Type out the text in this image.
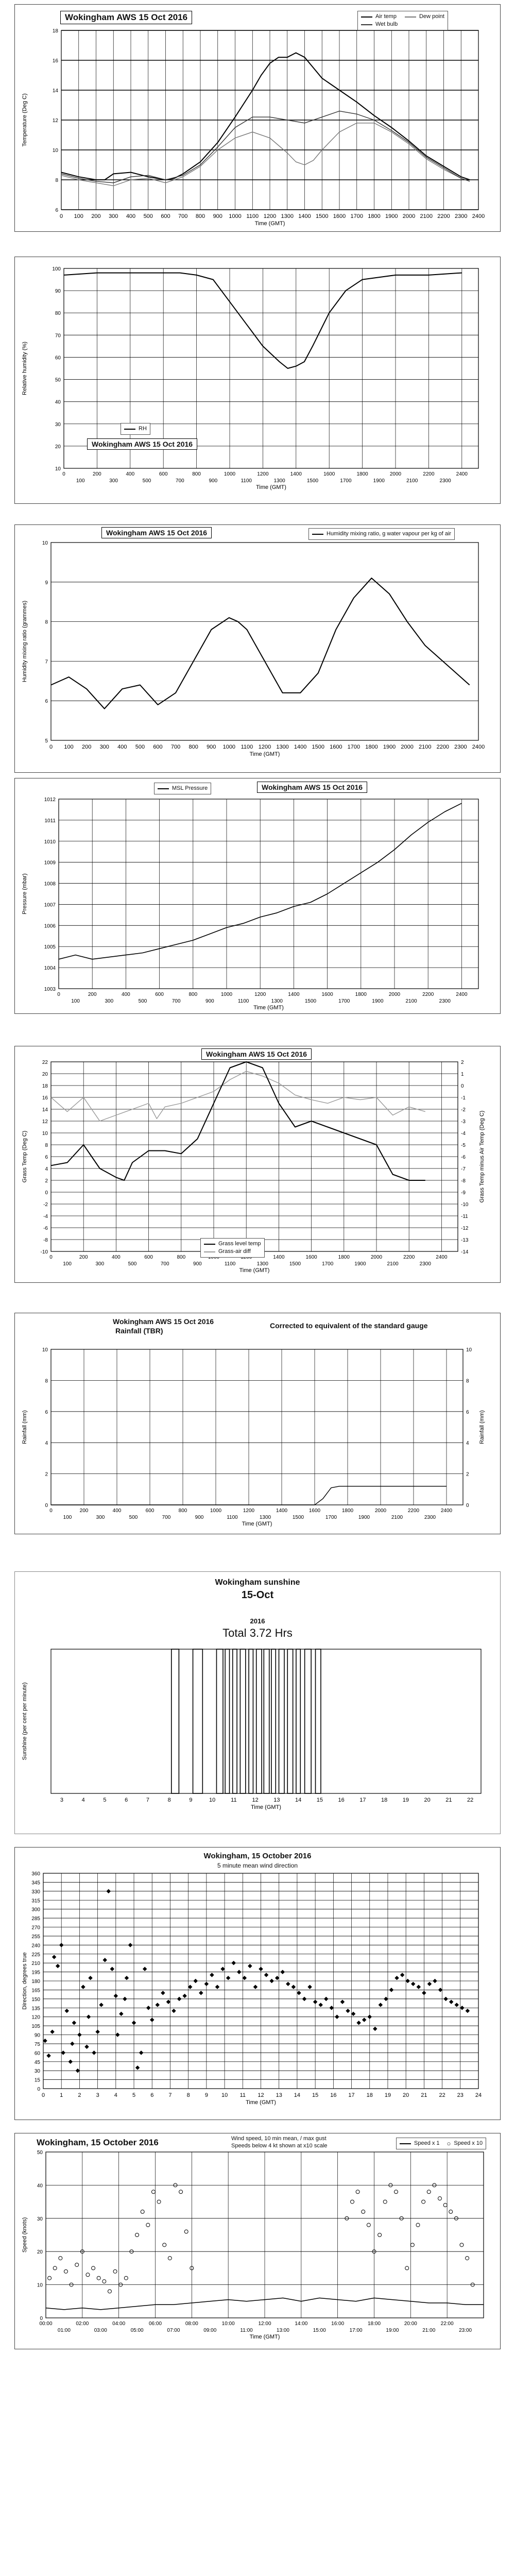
6
8
10
12
14
16
18
0 100 200 300 400 500 600 700 800 900 1000 1100 1200 1300 1400 1500 1600 1700 1800 1900 2000 2100 2200 2300 2400
Time (GMT)
Temperature (Deg C)
Wokingham AWS 15 Oct 2016	Air temp	Dew point
Wet bulb
10
20
30
40
50
60
70
80
90
100
0	200	400	600	800	1000	1200	1400	1600	1800	2000	2200	2400
100	300	500	700	900	1100	1300	1500	1700	1900	2100	2300
Time (GMT)
Relative humidity (%)
RH
Wokingham AWS 15 Oct 2016
5
6
7
8
9
10
0 100 200 300 400 500 600 700 800 900 1000 1100 1200 1300 1400 1500 1600 1700 1800 1900 2000 2100 2200 2300 2400
Time (GMT)
Humidity mixing ratio (grammes)
Wokingham AWS 15 Oct 2016	Humidity mixing ratio, g water vapour per kg of air
1003
1004
1005
1006
1007
1008
1009
1010
1011
1012
0	200	400	600	800	1000	1200	1400	1600	1800	2000	2200	2400
100	300	500	700	900	1100	1300	1500	1700	1900	2100	2300
Time (GMT)
Pressure (mbar)
MSL Pressure	Wokingham AWS 15 Oct 2016
-10
-8
-6
-4
-2
0
2
4
6
8
10
12
14
16
18
20
22
0	200	400	600	800	1400	1600	1800	2000	2200	2400
100	300	500	700	900	1100	1300	1500	1700	1900	2100	2300
Time (GMT)
Grass Temp (Deg C)
-14
-13
-12
-11
-10
-9
-8
-7
-6
-5
-4
-3
-2
-1
0
1
2
Grass Temp minus Air Temp (Deg C)
Wokingham AWS 15 Oct 2016
Grass level temp
Grass-air diff
0
2
4
6
8
10
0	200	400	600	800	1000	1200	1400	1600	1800	2000	2200	2400
100	300	500	700	900	1100	1300	1500	1700	1900	2100	2300
Time (GMT)
Rainfall (mm)
0
2
4
6
8
10
Rainfall (mm)
Wokingham AWS 15 Oct 2016
Rainfall (TBR)
Corrected to equivalent of the standard gauge
3	4	5	6	7	8	9	10	11	12	13	14	15	16	17	18	19	20	21	22
Time (GMT)
Sunshine (per cent per minute)
Wokingham sunshine
15-Oct
2016
Total 3.72 Hrs
0
15
30
45
60
75
90
105
120
135
150
165
180
195
210
225
240
255
270
285
300
315
330
345
360
0	1	2	3	4	5	6	7	8	9 10 11 12 13 14 15 16 17 18 19 20 21 22 23 24
Time (GMT)
Direction, degrees true
Wokingham, 15 October 2016
5 minute mean wind direction
0
10
20
30
40
50
00:00	02:00	04:00	06:00	08:00	10:00	12:00	14:00	16:00	18:00	20:00	22:00
01:00	03:00	05:00	07:00	09:00	11:00	13:00	15:00	17:00	19:00	21:00	23:00
Time (GMT)
Speed (knots)
Wokingham, 15 October 2016	Wind speed, 10 min mean, / max gust
Speeds below 4 kt shown at x10 scale	Speed x 1 ○ Speed x 10
